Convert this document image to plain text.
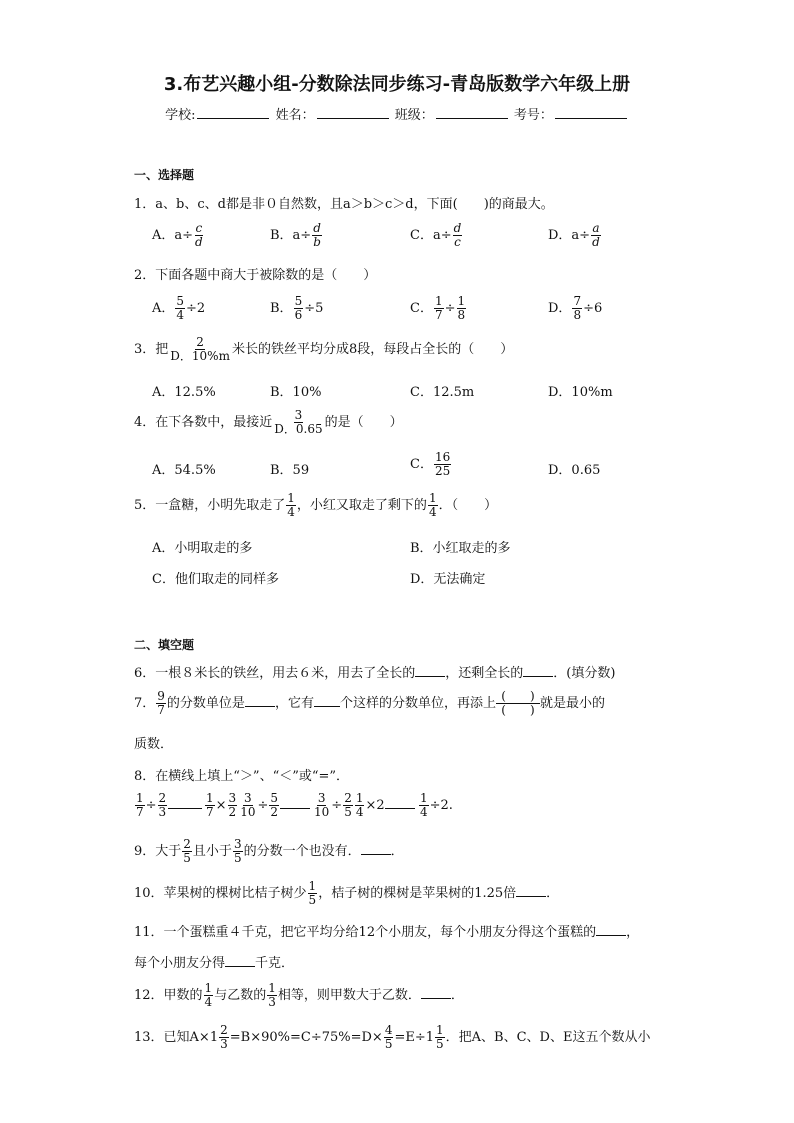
3.布艺兴趣小组-分数除法同步练习-青岛版数学六年级上册
学校:	姓名：	班级：	考号：
一、选择题
1．a、b、c、d都是非０自然数，且a＞b＞c＞d，下面(　　)的商最大。
A．$a\div \frac{c}{d}$	B．$a\div \frac{d}{b}$	C．$a\div \frac{d}{c}$	D．$a\div \frac{a}{d}$
2．下面各题中商大于被除数的是（　　）
A． $\frac{5}{4} \div 2$	B． $\frac{5}{6} \div 5$	C． $\frac{1}{7} \div \frac{1}{8}$	D． $\frac{7}{8} \div 6$
3．把 $\frac{2}{D.10\%m}$ 米长的铁丝平均分成8段，每段占全长的（　　）
A．12.5%	B．10%	C．12.5m	D．10%m
4．在下各数中，最接近 $\frac{3}{D.0.65}$ 的是（　　）
A．54.5%	B．59	C． $\frac{16}{25}$	D．0.65
5．一盒糖，小明先取走了 $\frac{1}{4}$ ，小红又取走了剩下的 $\frac{1}{4}$ ．（　　）
A．小明取走的多	B．小红取走的多
C．他们取走的同样多	D．无法确定
二、填空题
6．一根８米长的铁丝，用去６米，用去了全长的 ，还剩全长的 ．(填分数)
7． $\frac{9}{7}$ 的分数单位是 ，它有 个这样的分数单位，再添上 $\frac{( )}{( )}$ 就是最小的
质数．
8．在横线上填上“＞”、“＜”或“=”．
$\frac{1}{7} \div \frac{2}{3}$	$\frac{1}{7} \times \frac{3}{2} \frac{3}{10} \div \frac{5}{2}$	$\frac{3}{10} \div \frac{2}{5} \frac{1}{4} \times 2$	$\frac{1}{4} \div 2$.
9．大于 $\frac{2}{5}$ 且小于 $\frac{3}{5}$ 的分数一个也没有． ．
10．苹果树的棵树比桔子树少 $\frac{1}{5}$ ，桔子树的棵树是苹果树的1.25倍 ．
11．一个蛋糕重４千克，把它平均分给12个小朋友，每个小朋友分得这个蛋糕的 ，
每个小朋友分得 千克．
12．甲数的 $\frac{1}{4}$ 与乙数的 $\frac{1}{3}$ 相等，则甲数大于乙数． ．
13．已知$A\times 1 \frac{2}{3} =B\times 90\%=C\div 75\%=D\times \frac{4}{5} =E\div 1 \frac{1}{5}$ ．把A、B、C、D、E这五个数从小
